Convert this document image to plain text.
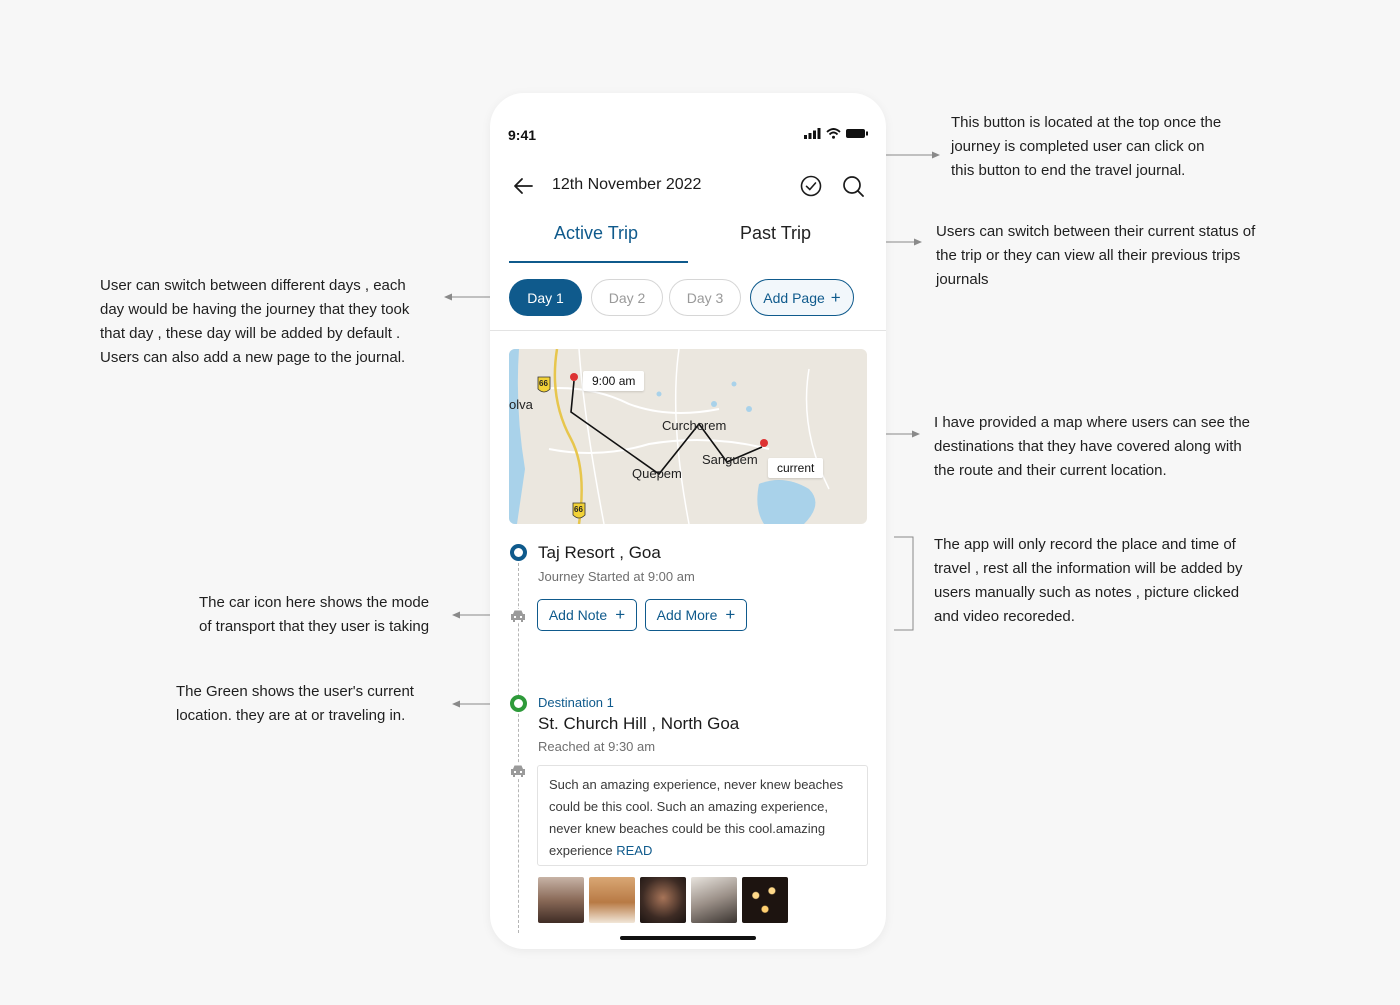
This button is located at the top once the

journey is completed user can click on

this button to end the travel journal.

Users can switch between their current status of

the trip or they can view all their previous trips

journals

User can switch between different days , each

day would be having the journey that they took

that day , these day will be added by default .

Users can also add a new page to the journal.

I have provided a map where users can see the

destinations that they have covered along with

the route and their current location.

The app will only record the place and time of

travel , rest all the information will be added by

users manually such as notes , picture clicked

and video recoreded.

The car icon here shows the mode

of transport that they user is taking

The Green shows the user's current

location. they are at or traveling in.

9:41
12th November 2022
Active Trip	Past Trip
Day 1	Day 2	Day 3	Add Page +
66
66
olva
Curchorem
Sanguem
Quepem
9:00 am
current
Taj Resort , Goa
Journey Started at 9:00 am
Add Note + Add More +
Destination 1
St. Church Hill , North Goa
Reached at 9:30 am
Such an amazing experience, never knew beaches could be this cool. Such an amazing experience, never knew beaches could be this cool.amazing experience READ
